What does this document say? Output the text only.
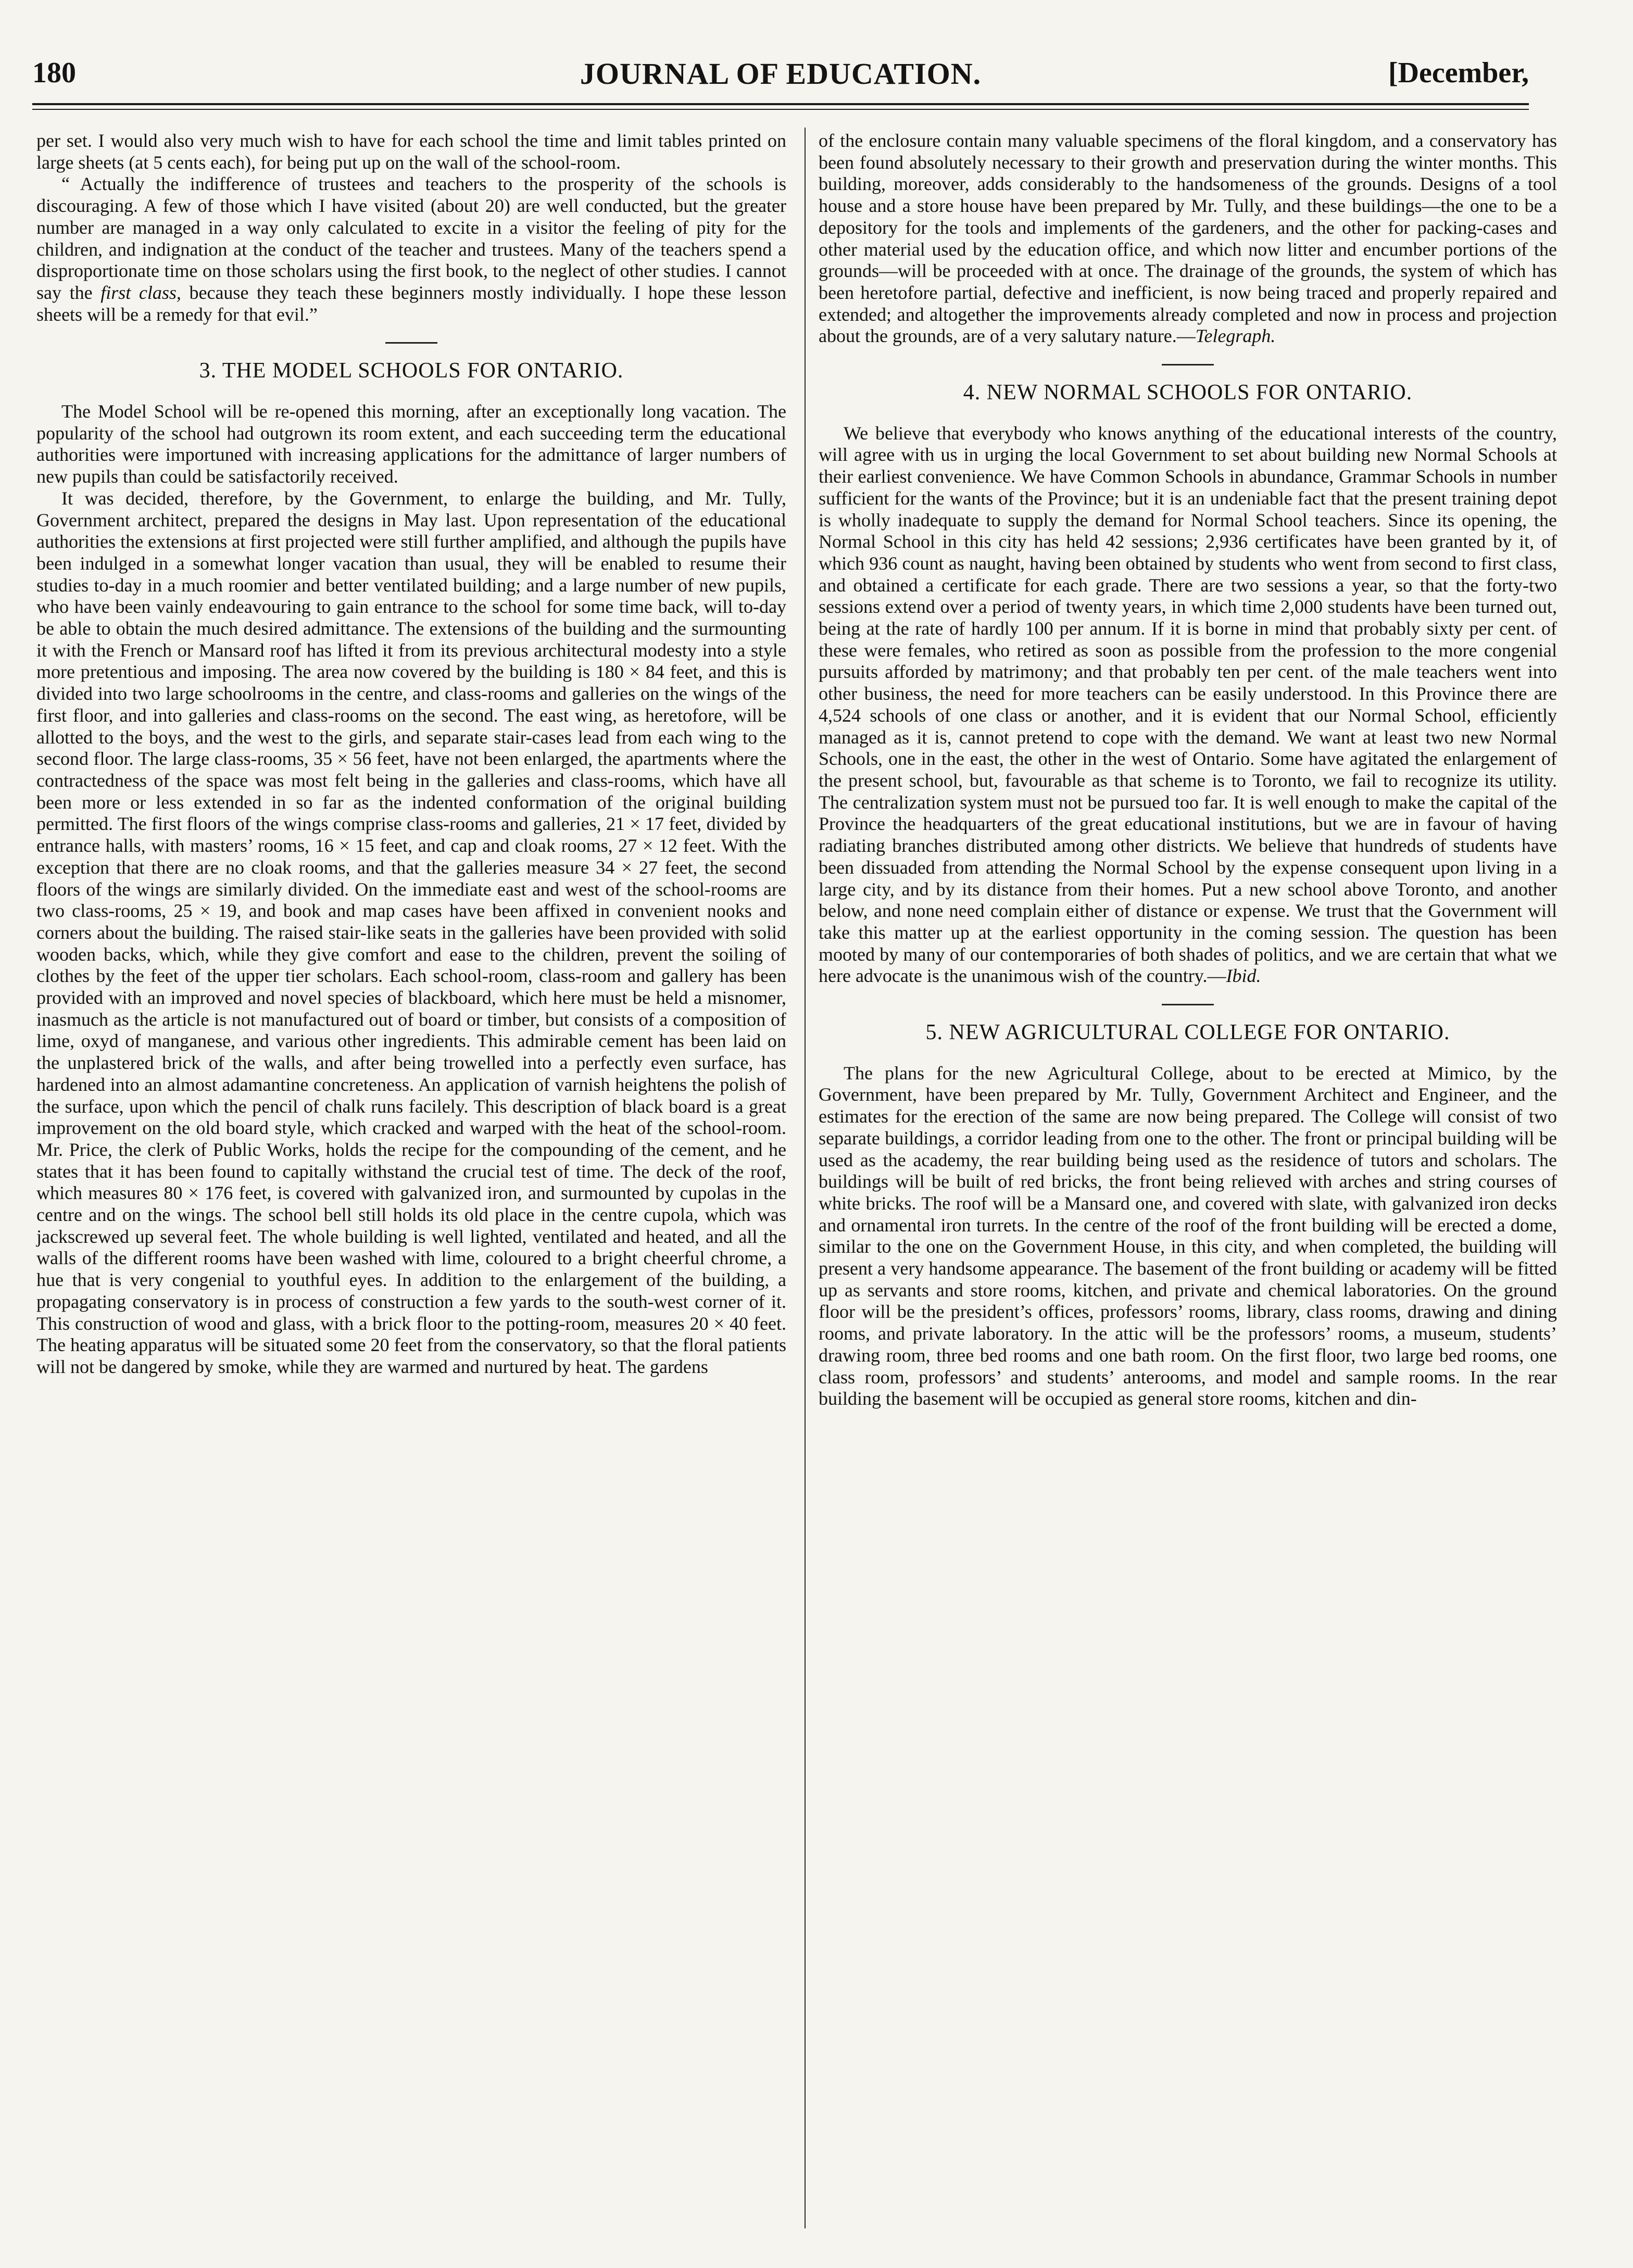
180	JOURNAL OF EDUCATION.	[December,

per set. I would also very much wish to have for each school the time and limit tables printed on large sheets (at 5 cents each), for being put up on the wall of the school-room.

“ Actually the indifference of trustees and teachers to the prosperity of the schools is discouraging. A few of those which I have visited (about 20) are well conducted, but the greater number are managed in a way only calculated to excite in a visitor the feeling of pity for the children, and indignation at the conduct of the teacher and trustees. Many of the teachers spend a disproportionate time on those scholars using the first book, to the neglect of other studies. I cannot say the first class, because they teach these beginners mostly individually. I hope these lesson sheets will be a remedy for that evil.”

3. THE MODEL SCHOOLS FOR ONTARIO.

The Model School will be re-opened this morning, after an exceptionally long vacation. The popularity of the school had outgrown its room extent, and each succeeding term the educational authorities were importuned with increasing applications for the admittance of larger numbers of new pupils than could be satisfactorily received.

It was decided, therefore, by the Government, to enlarge the building, and Mr. Tully, Government architect, prepared the designs in May last. Upon representation of the educational authorities the extensions at first projected were still further amplified, and although the pupils have been indulged in a somewhat longer vacation than usual, they will be enabled to resume their studies to-day in a much roomier and better ventilated building; and a large number of new pupils, who have been vainly endeavouring to gain entrance to the school for some time back, will to-day be able to obtain the much desired admittance. The extensions of the building and the surmounting it with the French or Mansard roof has lifted it from its previous architectural modesty into a style more pretentious and imposing. The area now covered by the building is 180 × 84 feet, and this is divided into two large schoolrooms in the centre, and class-rooms and galleries on the wings of the first floor, and into galleries and class-rooms on the second. The east wing, as heretofore, will be allotted to the boys, and the west to the girls, and separate stair-cases lead from each wing to the second floor. The large class-rooms, 35 × 56 feet, have not been enlarged, the apartments where the contractedness of the space was most felt being in the galleries and class-rooms, which have all been more or less extended in so far as the indented conformation of the original building permitted. The first floors of the wings comprise class-rooms and galleries, 21 × 17 feet, divided by entrance halls, with masters’ rooms, 16 × 15 feet, and cap and cloak rooms, 27 × 12 feet. With the exception that there are no cloak rooms, and that the galleries measure 34 × 27 feet, the second floors of the wings are similarly divided. On the immediate east and west of the school-rooms are two class-rooms, 25 × 19, and book and map cases have been affixed in convenient nooks and corners about the building. The raised stair-like seats in the galleries have been provided with solid wooden backs, which, while they give comfort and ease to the children, prevent the soiling of clothes by the feet of the upper tier scholars. Each school-room, class-room and gallery has been provided with an improved and novel species of blackboard, which here must be held a misnomer, inasmuch as the article is not manufactured out of board or timber, but consists of a composition of lime, oxyd of manganese, and various other ingredients. This admirable cement has been laid on the unplastered brick of the walls, and after being trowelled into a perfectly even surface, has hardened into an almost adamantine concreteness. An application of varnish heightens the polish of the surface, upon which the pencil of chalk runs facilely. This description of black board is a great improvement on the old board style, which cracked and warped with the heat of the school-room. Mr. Price, the clerk of Public Works, holds the recipe for the compounding of the cement, and he states that it has been found to capitally withstand the crucial test of time. The deck of the roof, which measures 80 × 176 feet, is covered with galvanized iron, and surmounted by cupolas in the centre and on the wings. The school bell still holds its old place in the centre cupola, which was jackscrewed up several feet. The whole building is well lighted, ventilated and heated, and all the walls of the different rooms have been washed with lime, coloured to a bright cheerful chrome, a hue that is very congenial to youthful eyes. In addition to the enlargement of the building, a propagating conservatory is in process of construction a few yards to the south-west corner of it. This construction of wood and glass, with a brick floor to the potting-room, measures 20 × 40 feet. The heating apparatus will be situated some 20 feet from the conservatory, so that the floral patients will not be dangered by smoke, while they are warmed and nurtured by heat. The gardens

of the enclosure contain many valuable specimens of the floral kingdom, and a conservatory has been found absolutely necessary to their growth and preservation during the winter months. This building, moreover, adds considerably to the handsomeness of the grounds. Designs of a tool house and a store house have been prepared by Mr. Tully, and these buildings—the one to be a depository for the tools and implements of the gardeners, and the other for packing-cases and other material used by the education office, and which now litter and encumber portions of the grounds—will be proceeded with at once. The drainage of the grounds, the system of which has been heretofore partial, defective and inefficient, is now being traced and properly repaired and extended; and altogether the improvements already completed and now in process and projection about the grounds, are of a very salutary nature.—Telegraph.

4. NEW NORMAL SCHOOLS FOR ONTARIO.

We believe that everybody who knows anything of the educational interests of the country, will agree with us in urging the local Government to set about building new Normal Schools at their earliest convenience. We have Common Schools in abundance, Grammar Schools in number sufficient for the wants of the Province; but it is an undeniable fact that the present training depot is wholly inadequate to supply the demand for Normal School teachers. Since its opening, the Normal School in this city has held 42 sessions; 2,936 certificates have been granted by it, of which 936 count as naught, having been obtained by students who went from second to first class, and obtained a certificate for each grade. There are two sessions a year, so that the forty-two sessions extend over a period of twenty years, in which time 2,000 students have been turned out, being at the rate of hardly 100 per annum. If it is borne in mind that probably sixty per cent. of these were females, who retired as soon as possible from the profession to the more congenial pursuits afforded by matrimony; and that probably ten per cent. of the male teachers went into other business, the need for more teachers can be easily understood. In this Province there are 4,524 schools of one class or another, and it is evident that our Normal School, efficiently managed as it is, cannot pretend to cope with the demand. We want at least two new Normal Schools, one in the east, the other in the west of Ontario. Some have agitated the enlargement of the present school, but, favourable as that scheme is to Toronto, we fail to recognize its utility. The centralization system must not be pursued too far. It is well enough to make the capital of the Province the headquarters of the great educational institutions, but we are in favour of having radiating branches distributed among other districts. We believe that hundreds of students have been dissuaded from attending the Normal School by the expense consequent upon living in a large city, and by its distance from their homes. Put a new school above Toronto, and another below, and none need complain either of distance or expense. We trust that the Government will take this matter up at the earliest opportunity in the coming session. The question has been mooted by many of our contemporaries of both shades of politics, and we are certain that what we here advocate is the unanimous wish of the country.—Ibid.

5. NEW AGRICULTURAL COLLEGE FOR ONTARIO.

The plans for the new Agricultural College, about to be erected at Mimico, by the Government, have been prepared by Mr. Tully, Government Architect and Engineer, and the estimates for the erection of the same are now being prepared. The College will consist of two separate buildings, a corridor leading from one to the other. The front or principal building will be used as the academy, the rear building being used as the residence of tutors and scholars. The buildings will be built of red bricks, the front being relieved with arches and string courses of white bricks. The roof will be a Mansard one, and covered with slate, with galvanized iron decks and ornamental iron turrets. In the centre of the roof of the front building will be erected a dome, similar to the one on the Government House, in this city, and when completed, the building will present a very handsome appearance. The basement of the front building or academy will be fitted up as servants and store rooms, kitchen, and private and chemical laboratories. On the ground floor will be the president’s offices, professors’ rooms, library, class rooms, drawing and dining rooms, and private laboratory. In the attic will be the professors’ rooms, a museum, students’ drawing room, three bed rooms and one bath room. On the first floor, two large bed rooms, one class room, professors’ and students’ anterooms, and model and sample rooms. In the rear building the basement will be occupied as general store rooms, kitchen and din-
